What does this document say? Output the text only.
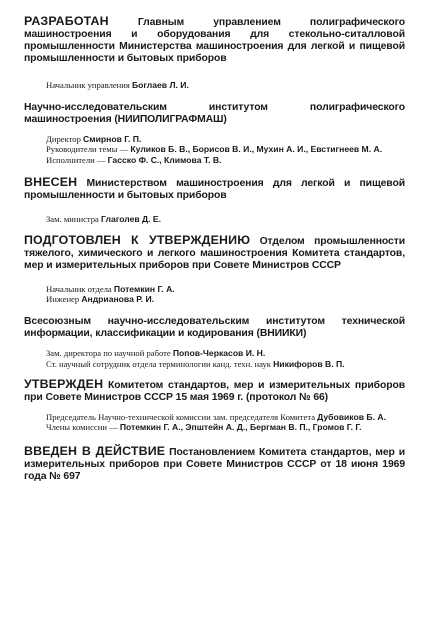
РАЗРАБОТАН	Главным управлением полиграфического машиностроения и оборудования для стекольно-ситалловой промышленности Министерства машиностроения для легкой и пищевой промышленности и бытовых приборов

Начальник управления Боглаев Л. И.

Научно-исследовательским институтом полиграфического машиностроения (НИИПОЛИГРАФМАШ)

Директор Смирнов Г. П.

Руководители темы — Куликов Б. В., Борисов В. И., Мухин А. И., Евстигнеев М. А.

Исполнители — Гасско Ф. С., Климова Т. В.

ВНЕСЕН Министерством машиностроения для легкой и пищевой промышленности и бытовых приборов

Зам. министра Глаголев Д. Е.

ПОДГОТОВЛЕН К УТВЕРЖДЕНИЮ Отделом промышленности тяжелого, химического и легкого машиностроения Комитета стандартов, мер и измерительных приборов при Совете Министров СССР

Начальник отдела Потемкин Г. А.

Инженер Андрианова Р. И.

Всесоюзным научно-исследовательским институтом технической информации, классификации и кодирования (ВНИИКИ)

Зам. директора по научной работе Попов-Черкасов И. Н.

Ст. научный сотрудник отдела терминологии канд. техн. наук Никифоров В. П.

УТВЕРЖДЕН Комитетом стандартов, мер и измерительных приборов при Совете Министров СССР 15 мая 1969 г. (протокол № 66)

Председатель Научно-технической комиссии зам. председателя Комитета Дубовиков Б. А.

Члены комиссии — Потемкин Г. А., Эпштейн А. Д., Бергман В. П., Громов Г. Г.

ВВЕДЕН В ДЕЙСТВИЕ Постановлением Комитета стандартов, мер и измерительных приборов при Совете Министров СССР от 18 июня 1969 года № 697
